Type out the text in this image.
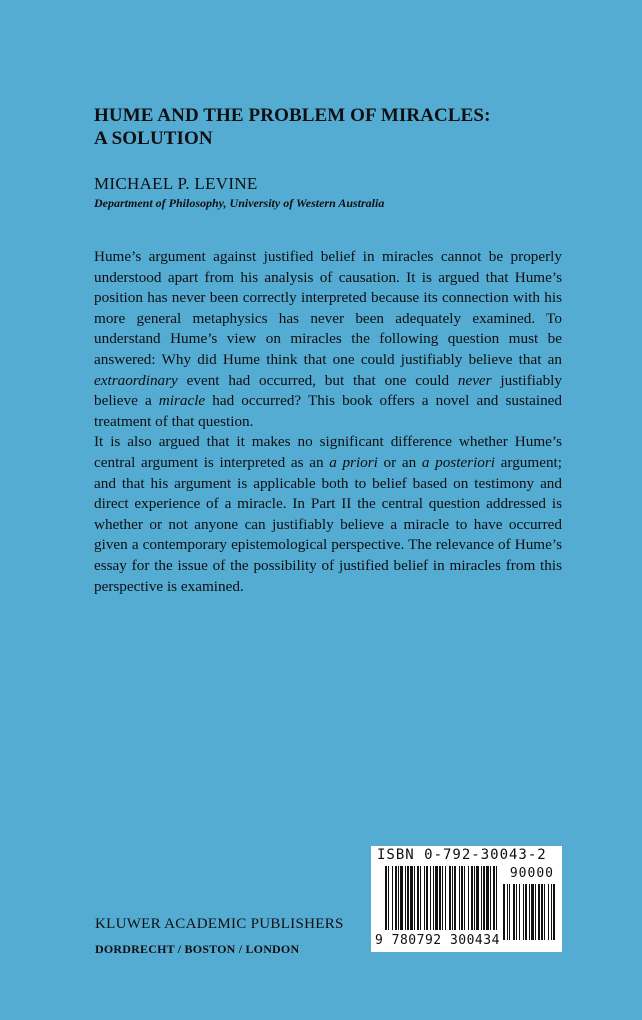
HUME AND THE PROBLEM OF MIRACLES:
A SOLUTION
MICHAEL P. LEVINE
Department of Philosophy, University of Western Australia

Hume’s argument against justified belief in miracles cannot be properly understood apart from his analysis of causation. It is argued that Hume’s position has never been correctly interpreted because its connection with his more general metaphysics has never been adequately examined. To understand Hume’s view on miracles the following question must be answered: Why did Hume think that one could justifiably believe that an extraordinary event had occurred, but that one could never justifiably believe a miracle had occurred? This book offers a novel and sustained treatment of that question.

It is also argued that it makes no significant difference whether Hume’s central argument is interpreted as an a priori or an a posteriori argument; and that his argument is applicable both to belief based on testimony and direct experience of a miracle. In Part II the central question addressed is whether or not anyone can justifiably believe a miracle to have occurred given a contemporary epistemological perspective. The relevance of Hume’s essay for the issue of the possibility of justified belief in miracles from this perspective is examined.

ISBN 0-792-30043-2
90000
9 780792 300434
KLUWER ACADEMIC PUBLISHERS
DORDRECHT / BOSTON / LONDON
